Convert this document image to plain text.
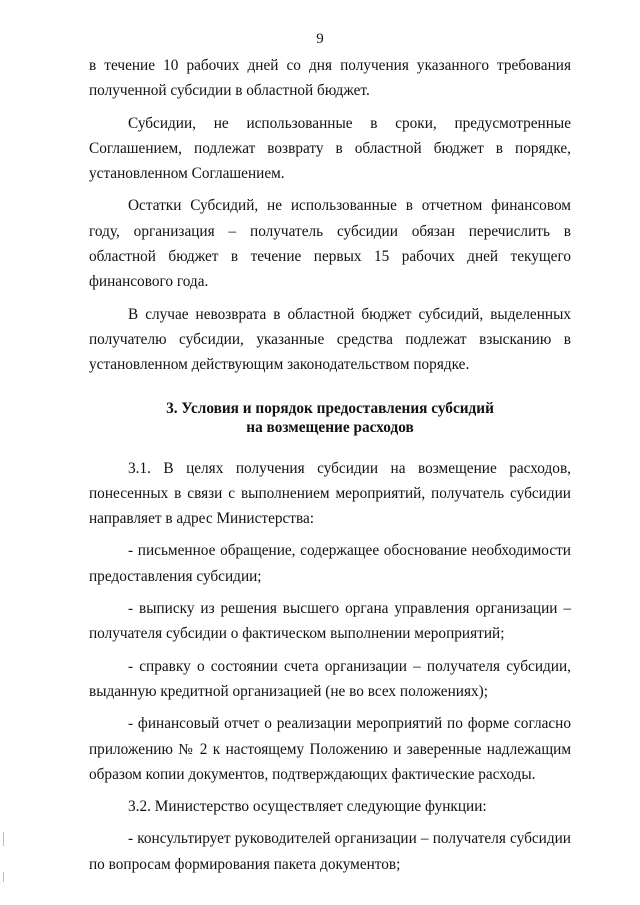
9

в течение 10 рабочих дней со дня получения указанного требования полученной субсидии в областной бюджет.

Субсидии, не использованные в сроки, предусмотренные Соглашением, подлежат возврату в областной бюджет в порядке, установленном Соглашением.

Остатки Субсидий, не использованные в отчетном финансовом году, организация – получатель субсидии обязан перечислить в областной бюджет в течение первых 15 рабочих дней текущего финансового года.

В случае невозврата в областной бюджет субсидий, выделенных получателю субсидии, указанные средства подлежат взысканию в установленном действующим законодательством порядке.

3. Условия и порядок предоставления субсидий
на возмещение расходов

3.1. В целях получения субсидии на возмещение расходов, понесенных в связи с выполнением мероприятий, получатель субсидии направляет в адрес Министерства:

- письменное обращение, содержащее обоснование необходимости предоставления субсидии;

- выписку из решения высшего органа управления организации – получателя субсидии о фактическом выполнении мероприятий;

- справку о состоянии счета организации – получателя субсидии, выданную кредитной организацией (не во всех положениях);

- финансовый отчет о реализации мероприятий по форме согласно приложению № 2 к настоящему Положению и заверенные надлежащим образом копии документов, подтверждающих фактические расходы.

3.2. Министерство осуществляет следующие функции:

- консультирует руководителей организации – получателя субсидии по вопросам формирования пакета документов;
